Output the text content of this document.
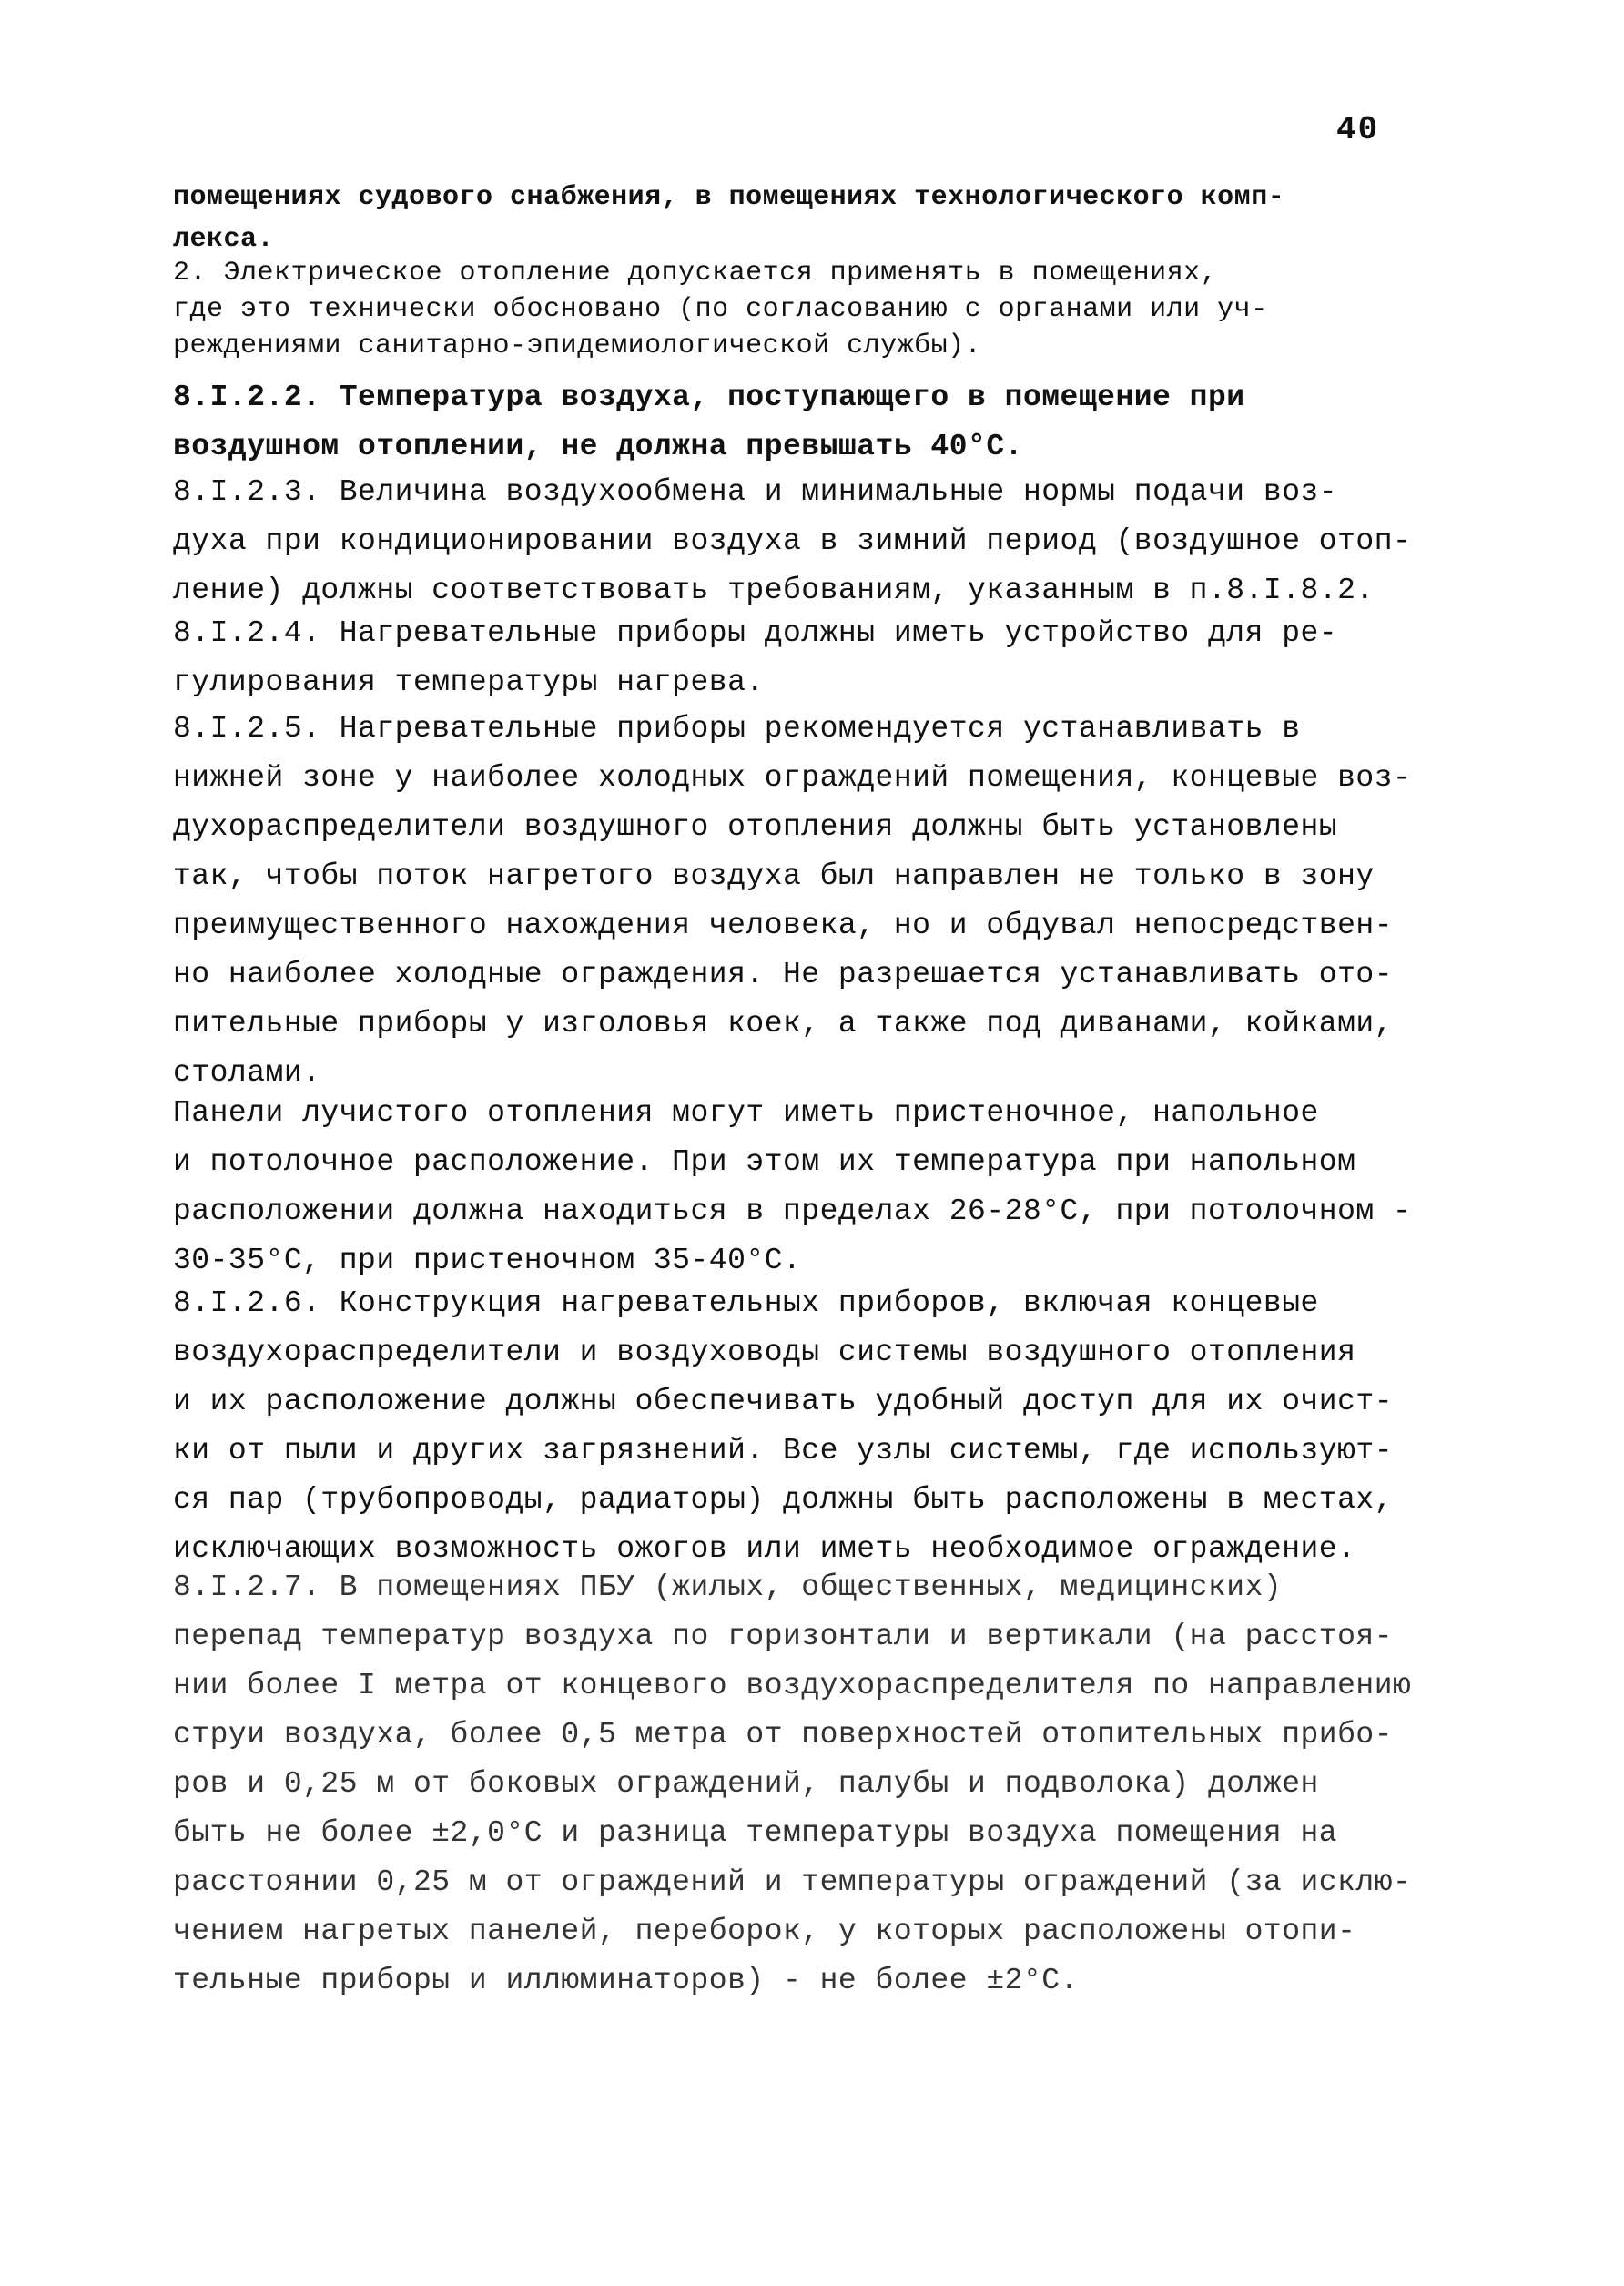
40

помещениях судового снабжения, в помещениях технологического комп-
лекса.

2. Электрическое отопление допускается применять в помещениях,
где это технически обосновано (по согласованию с органами или уч-
реждениями санитарно-эпидемиологической службы).

8.I.2.2. Температура воздуха, поступающего в помещение при
воздушном отоплении, не должна превышать 40°С.

8.I.2.3. Величина воздухообмена и минимальные нормы подачи воз-
духа при кондиционировании воздуха в зимний период (воздушное отоп-
ление) должны соответствовать требованиям, указанным в п.8.I.8.2.

8.I.2.4. Нагревательные приборы должны иметь устройство для ре-
гулирования температуры нагрева.

8.I.2.5. Нагревательные приборы рекомендуется устанавливать в
нижней зоне у наиболее холодных ограждений помещения, концевые воз-
духораспределители воздушного отопления должны быть установлены
так, чтобы поток нагретого воздуха был направлен не только в зону
преимущественного нахождения человека, но и обдувал непосредствен-
но наиболее холодные ограждения. Не разрешается устанавливать ото-
пительные приборы у изголовья коек, а также под диванами, койками,
столами.

Панели лучистого отопления могут иметь пристеночное, напольное
и потолочное расположение. При этом их температура при напольном
расположении должна находиться в пределах 26-28°С, при потолочном -
30-35°С, при пристеночном 35-40°С.

8.I.2.6. Конструкция нагревательных приборов, включая концевые
воздухораспределители и воздуховоды системы воздушного отопления
и их расположение должны обеспечивать удобный доступ для их очист-
ки от пыли и других загрязнений. Все узлы системы, где используют-
ся пар (трубопроводы, радиаторы) должны быть расположены в местах,
исключающих возможность ожогов или иметь необходимое ограждение.

8.I.2.7. В помещениях ПБУ (жилых, общественных, медицинских)
перепад температур воздуха по горизонтали и вертикали (на расстоя-
нии более I метра от концевого воздухораспределителя по направлению
струи воздуха, более 0,5 метра от поверхностей отопительных прибо-
ров и 0,25 м от боковых ограждений, палубы и подволока) должен
быть не более ±2,0°С и разница температуры воздуха помещения на
расстоянии 0,25 м от ограждений и температуры ограждений (за исклю-
чением нагретых панелей, переборок, у которых расположены отопи-
тельные приборы и иллюминаторов) - не более ±2°С.
